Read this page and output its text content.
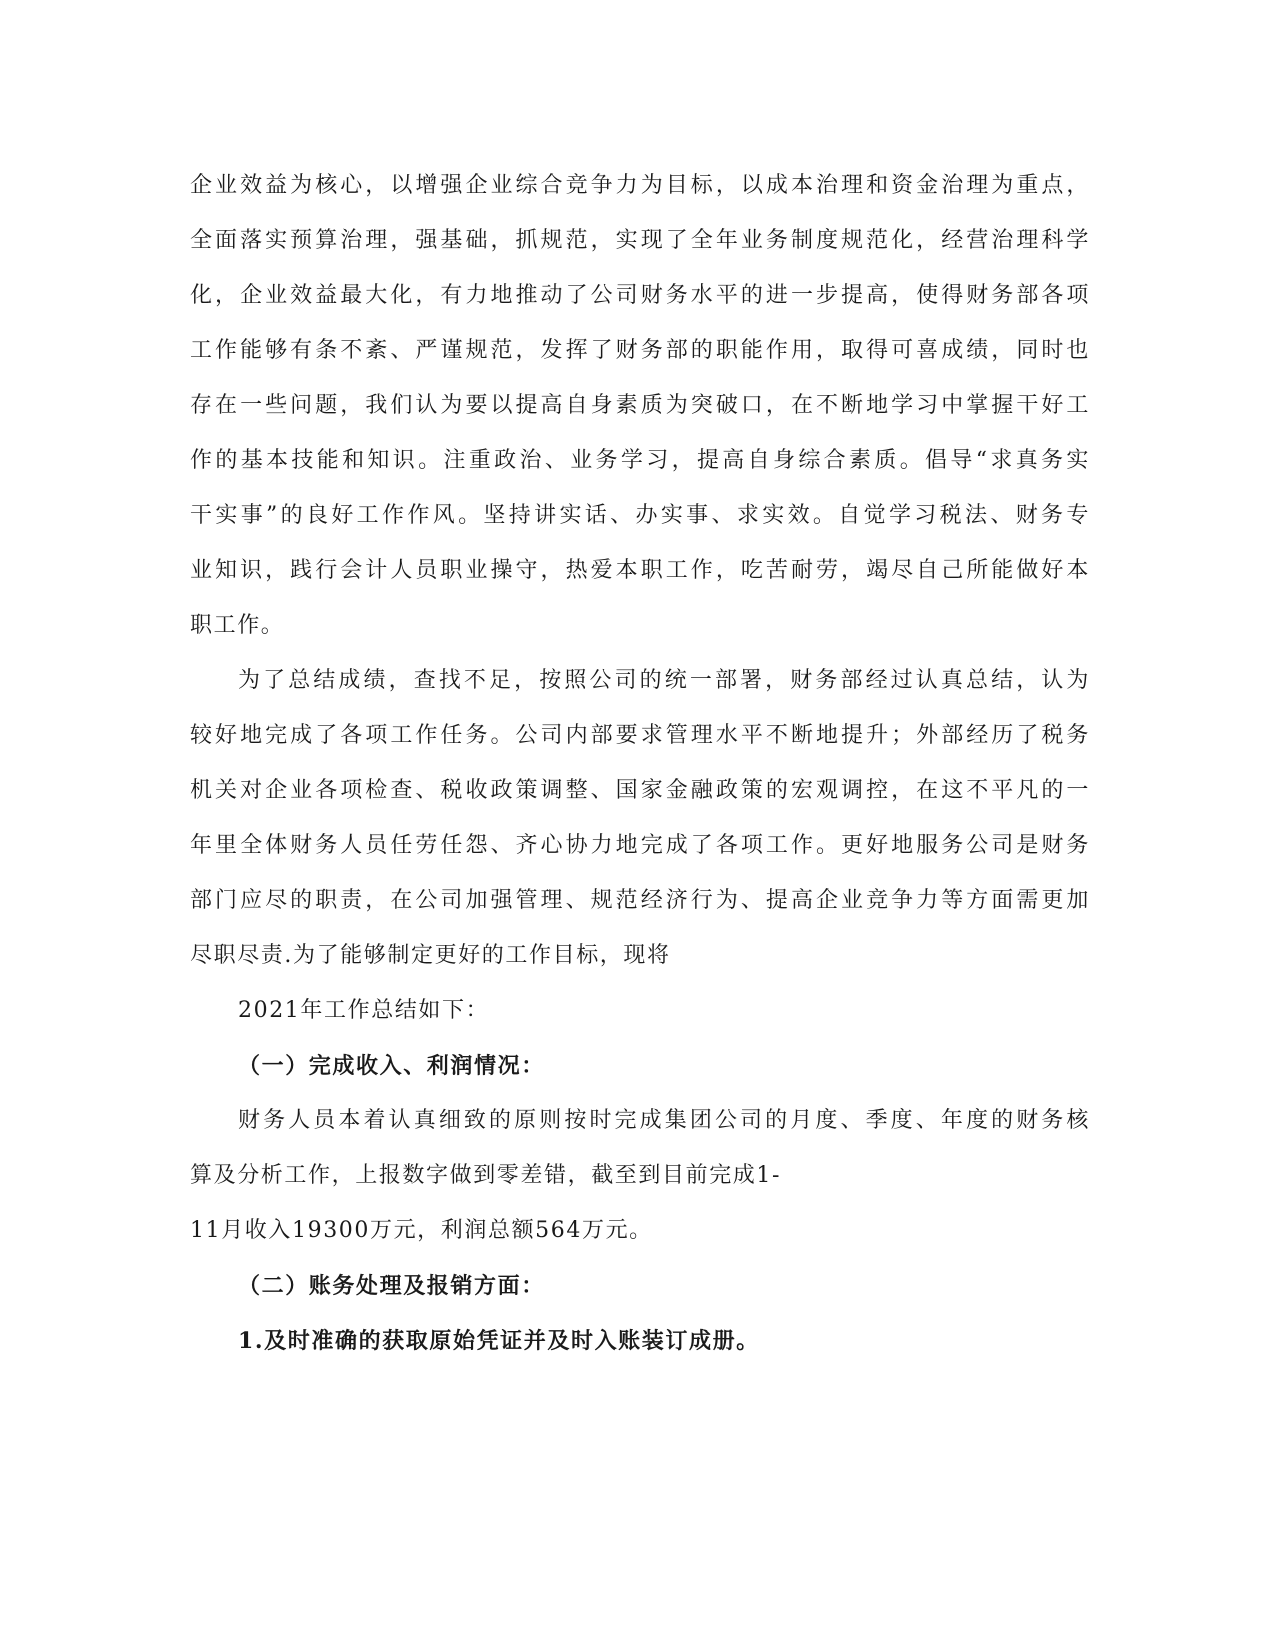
企业效益为核心，以增强企业综合竞争力为目标，以成本治理和资金治理为重点，
全面落实预算治理，强基础，抓规范，实现了全年业务制度规范化，经营治理科学
化，企业效益最大化，有力地推动了公司财务水平的进一步提高，使得财务部各项
工作能够有条不紊、严谨规范，发挥了财务部的职能作用，取得可喜成绩，同时也
存在一些问题，我们认为要以提高自身素质为突破口，在不断地学习中掌握干好工
作的基本技能和知识。注重政治、业务学习，提高自身综合素质。倡导“求真务实
干实事”的良好工作作风。坚持讲实话、办实事、求实效。自觉学习税法、财务专
业知识，践行会计人员职业操守，热爱本职工作，吃苦耐劳，竭尽自己所能做好本
职工作。
为了总结成绩，查找不足，按照公司的统一部署，财务部经过认真总结，认为
较好地完成了各项工作任务。公司内部要求管理水平不断地提升；外部经历了税务
机关对企业各项检查、税收政策调整、国家金融政策的宏观调控，在这不平凡的一
年里全体财务人员任劳任怨、齐心协力地完成了各项工作。更好地服务公司是财务
部门应尽的职责，在公司加强管理、规范经济行为、提高企业竞争力等方面需更加
尽职尽责.为了能够制定更好的工作目标，现将
2021年工作总结如下：
（一）完成收入、利润情况：
财务人员本着认真细致的原则按时完成集团公司的月度、季度、年度的财务核
算及分析工作，上报数字做到零差错，截至到目前完成1-
11月收入19300万元，利润总额564万元。
（二）账务处理及报销方面：
1.及时准确的获取原始凭证并及时入账装订成册。
